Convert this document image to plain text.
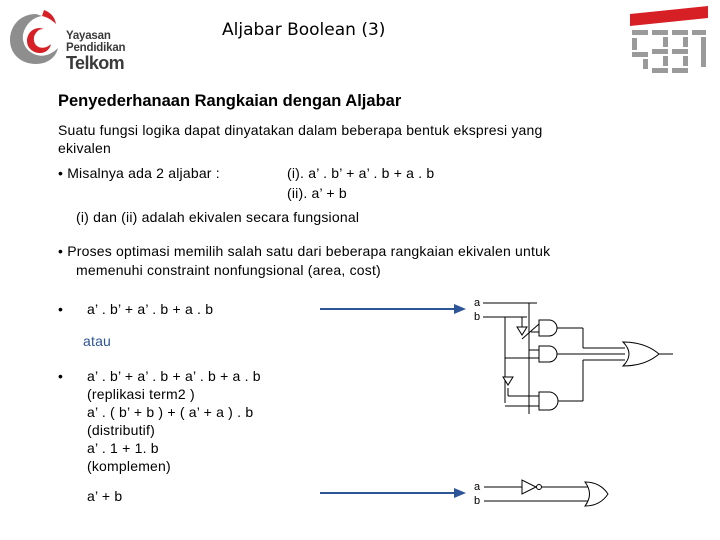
Yayasan
Pendidikan
Telkom
Aljabar Boolean (3)
Penyederhanaan Rangkaian dengan Aljabar
Suatu fungsi logika dapat dinyatakan dalam beberapa bentuk ekspresi yang
ekivalen
• Misalnya ada 2 aljabar :	(i). a’ . b’ + a’ . b + a . b
(ii). a’ + b
(i) dan (ii) adalah ekivalen secara fungsional
• Proses optimasi memilih salah satu dari beberapa rangkaian ekivalen untuk
memenuhi constraint nonfungsional (area, cost)
• a’ . b’ + a’ . b + a . b
atau
• a’ . b’ + a’ . b + a’ . b + a . b
(replikasi term2 )
a’ . ( b’ + b ) + ( a’ + a ) . b
(distributif)
a’ . 1 + 1. b
(komplemen)
a’ + b
a
b
a
b
